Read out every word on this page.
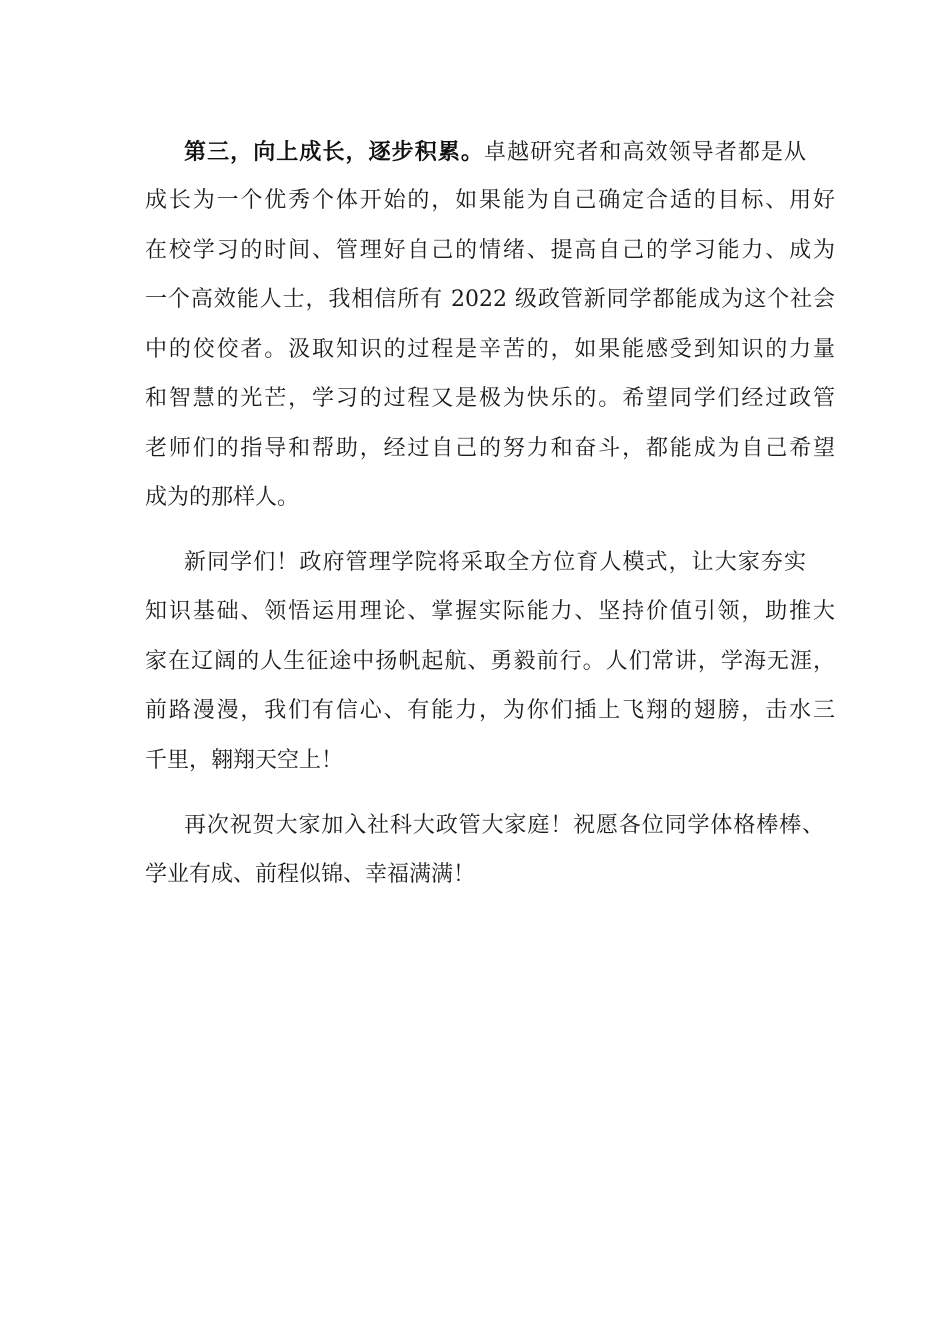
第三，向上成长，逐步积累。卓越研究者和高效领导者都是从
成长为一个优秀个体开始的，如果能为自己确定合适的目标、用好
在校学习的时间、管理好自己的情绪、提高自己的学习能力、成为
一个高效能人士，我相信所有 2022 级政管新同学都能成为这个社会
中的佼佼者。汲取知识的过程是辛苦的，如果能感受到知识的力量
和智慧的光芒，学习的过程又是极为快乐的。希望同学们经过政管
老师们的指导和帮助，经过自己的努力和奋斗，都能成为自己希望
成为的那样人。
新同学们！政府管理学院将采取全方位育人模式，让大家夯实
知识基础、领悟运用理论、掌握实际能力、坚持价值引领，助推大
家在辽阔的人生征途中扬帆起航、勇毅前行。人们常讲，学海无涯，
前路漫漫，我们有信心、有能力，为你们插上飞翔的翅膀，击水三
千里，翱翔天空上！
再次祝贺大家加入社科大政管大家庭！祝愿各位同学体格棒棒、
学业有成、前程似锦、幸福满满！
